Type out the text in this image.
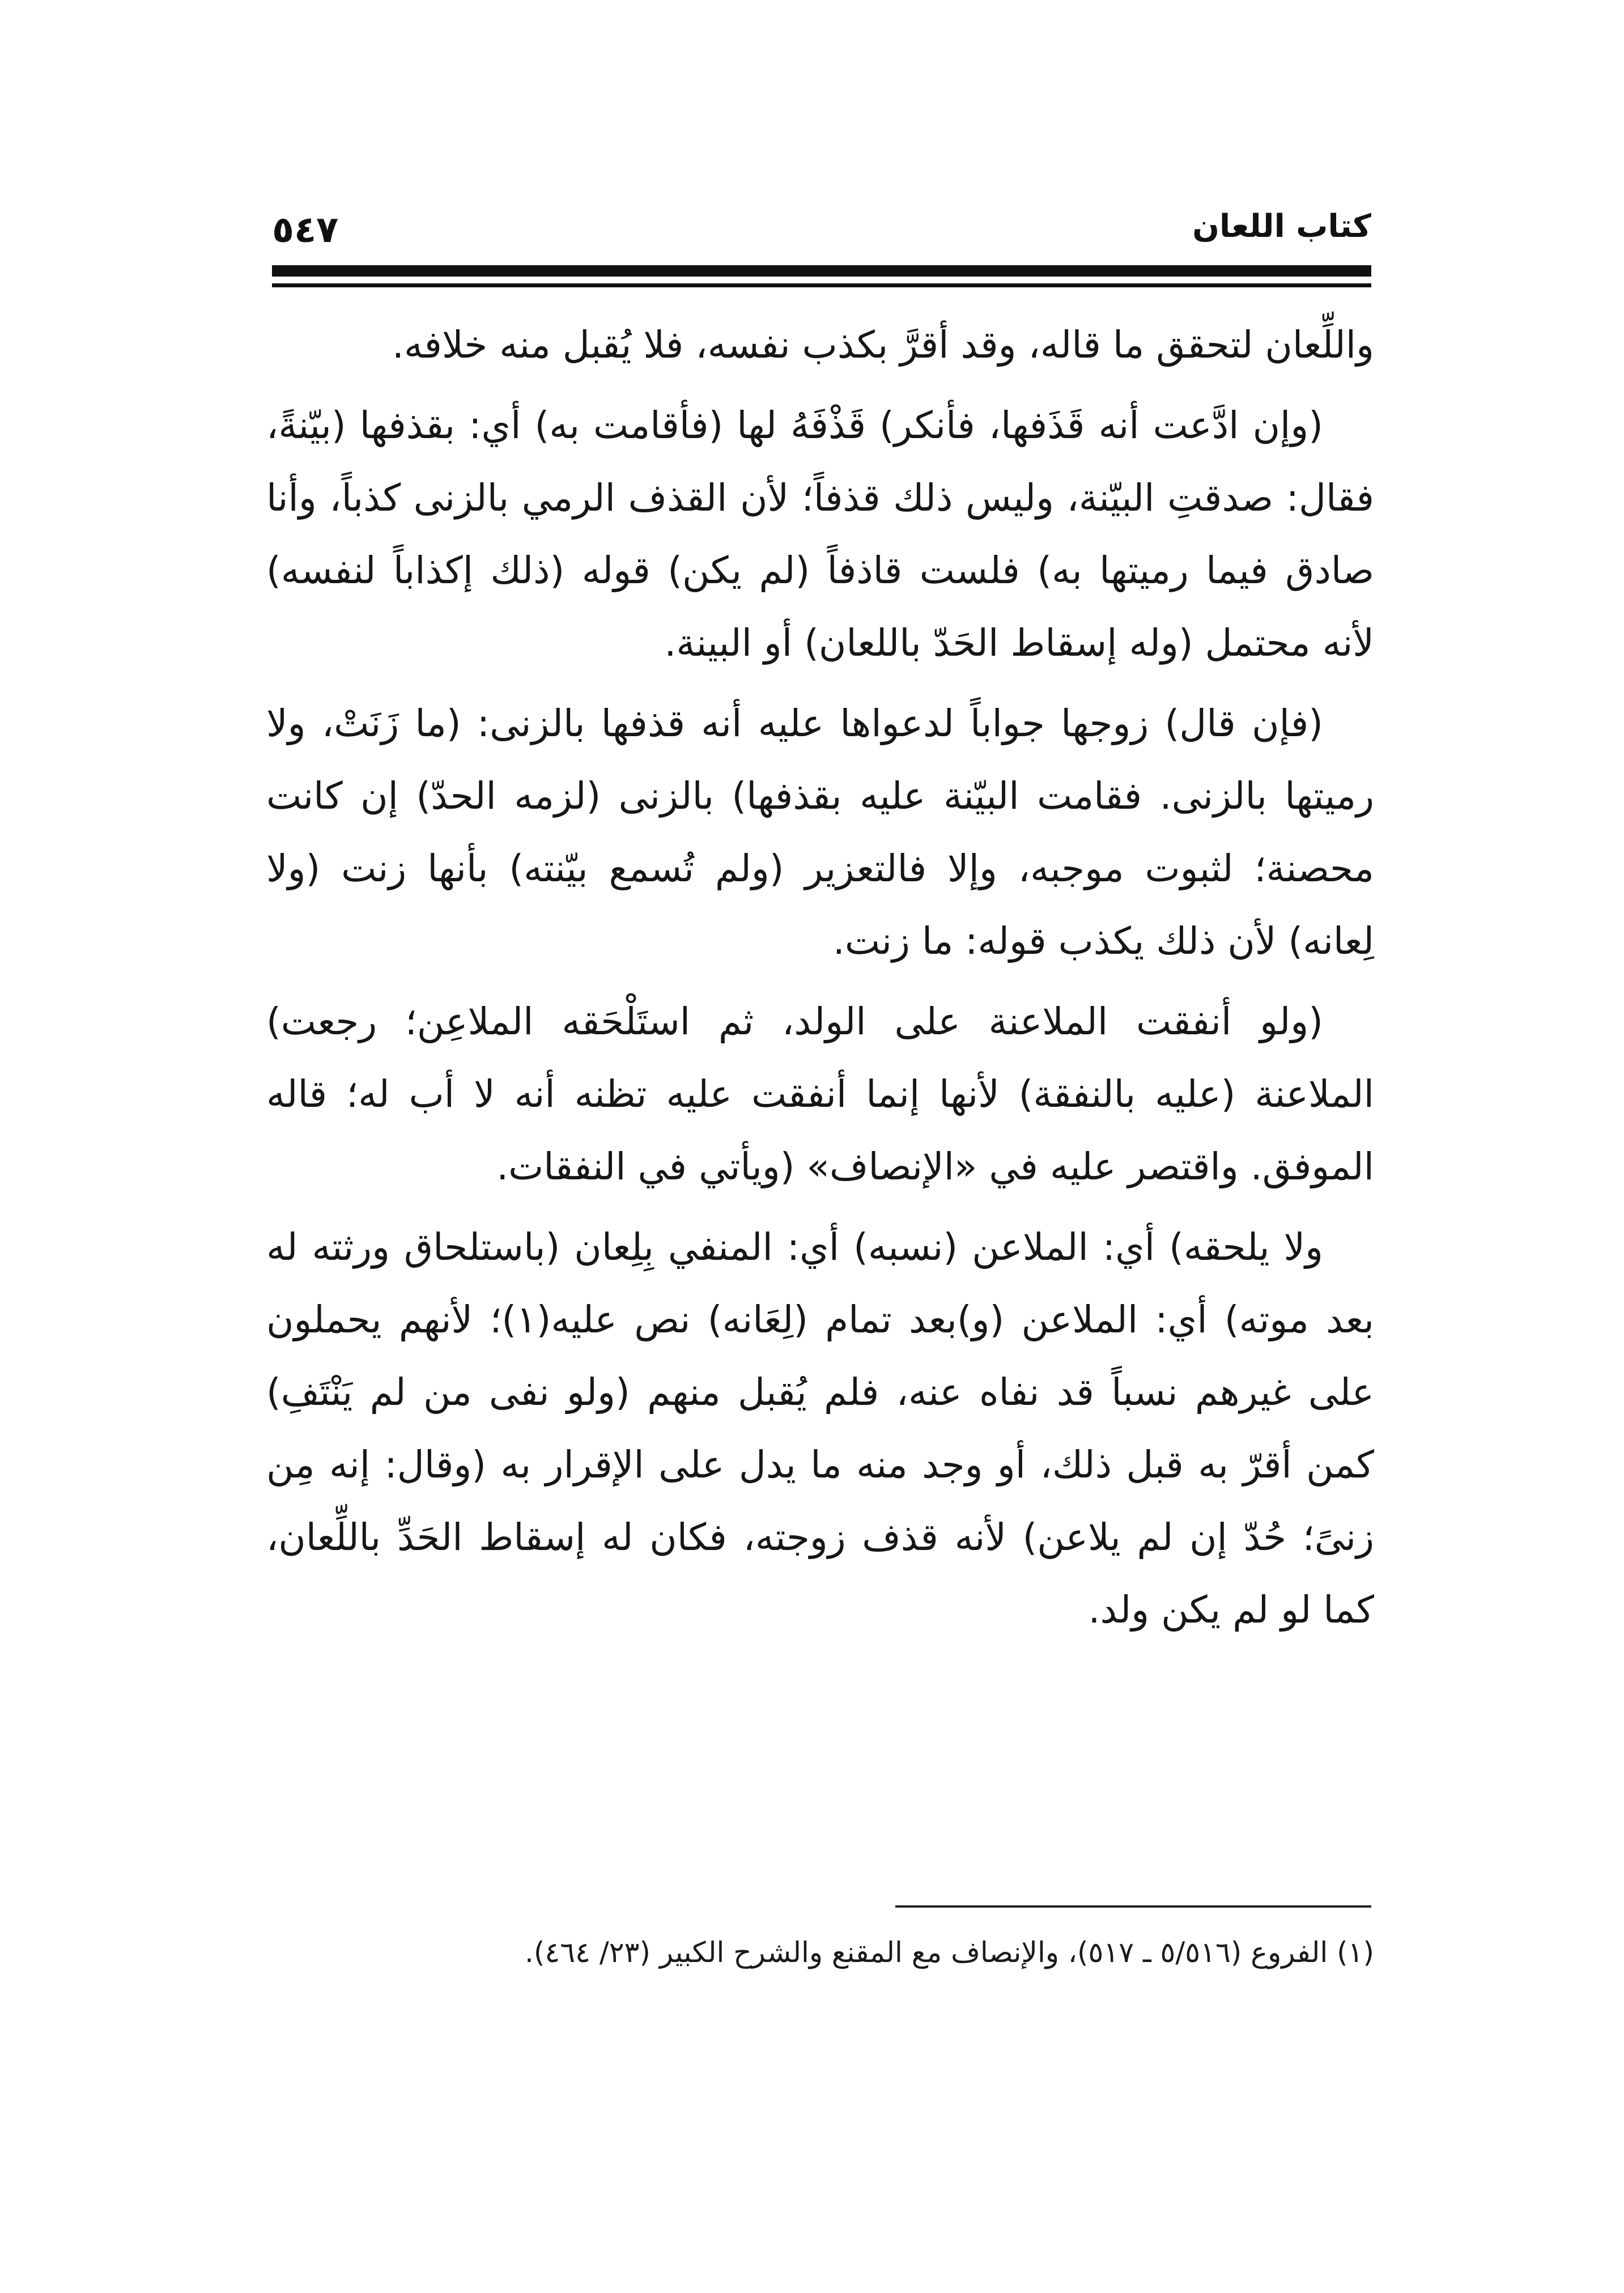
كتاب اللعان
٥٤٧

واللِّعان لتحقق ما قاله، وقد أقرَّ بكذب نفسه، فلا يُقبل منه خلافه.

(وإن ادَّعت أنه قَذَفها، فأنكر) قَذْفَهُ لها (فأقامت به) أي: بقذفها (بيّنةً، فقال: صدقتِ البيّنة، وليس ذلك قذفاً؛ لأن القذف الرمي بالزنى كذباً، وأنا صادق فيما رميتها به) فلست قاذفاً (لم يكن) قوله (ذلك إكذاباً لنفسه) لأنه محتمل (وله إسقاط الحَدّ باللعان) أو البينة.

(فإن قال) زوجها جواباً لدعواها عليه أنه قذفها بالزنى: (ما زَنَتْ، ولا رميتها بالزنى. فقامت البيّنة عليه بقذفها) بالزنى (لزمه الحدّ) إن كانت محصنة؛ لثبوت موجبه، وإلا فالتعزير (ولم تُسمع بيّنته) بأنها زنت (ولا لِعانه) لأن ذلك يكذب قوله: ما زنت.

(ولو أنفقت الملاعنة على الولد، ثم استَلْحَقه الملاعِن؛ رجعت) الملاعنة (عليه بالنفقة) لأنها إنما أنفقت عليه تظنه أنه لا أب له؛ قاله الموفق. واقتصر عليه في «الإنصاف» (ويأتي في النفقات.

ولا يلحقه) أي: الملاعن (نسبه) أي: المنفي بِلِعان (باستلحاق ورثته له بعد موته) أي: الملاعن (و)بعد تمام (لِعَانه) نص عليه(١)؛ لأنهم يحملون على غيرهم نسباً قد نفاه عنه، فلم يُقبل منهم (ولو نفى من لم يَنْتَفِ) كمن أقرّ به قبل ذلك، أو وجد منه ما يدل على الإقرار به (وقال: إنه مِن زنىً؛ حُدّ إن لم يلاعن) لأنه قذف زوجته، فكان له إسقاط الحَدِّ باللِّعان، كما لو لم يكن ولد.

(١) الفروع (٥/٥١٦ ـ ٥١٧)، والإنصاف مع المقنع والشرح الكبير (٢٣/ ٤٦٤).
